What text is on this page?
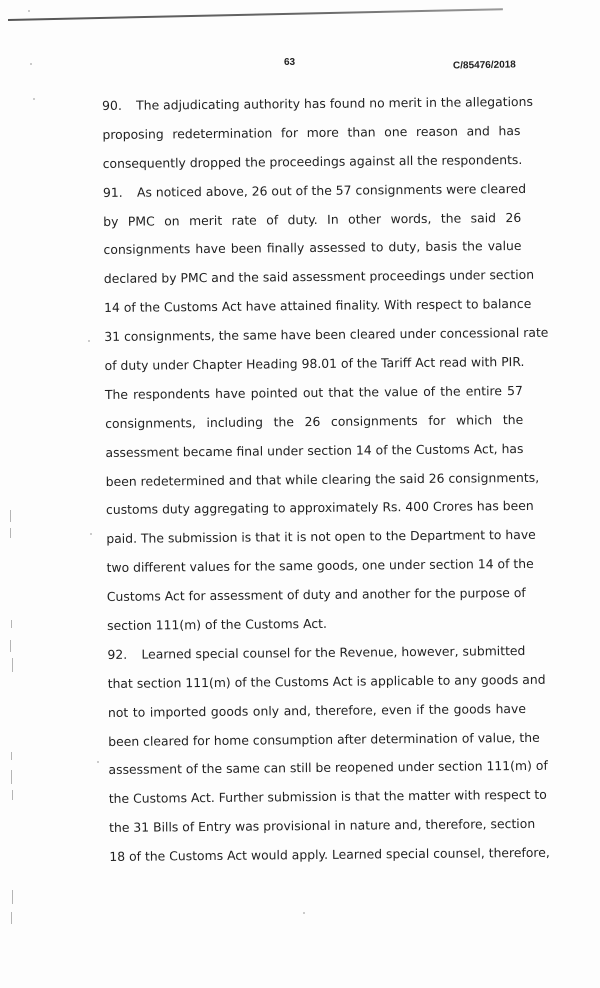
63	C/85476/2018
90. The adjudicating authority has found no merit in the allegations
proposing redetermination for more than one reason and has
consequently dropped the proceedings against all the respondents.
91. As noticed above, 26 out of the 57 consignments were cleared
by PMC on merit rate of duty. In other words, the said 26
consignments have been finally assessed to duty, basis the value
declared by PMC and the said assessment proceedings under section
14 of the Customs Act have attained finality. With respect to balance
31 consignments, the same have been cleared under concessional rate
of duty under Chapter Heading 98.01 of the Tariff Act read with PIR.
The respondents have pointed out that the value of the entire 57
consignments, including the 26 consignments for which the
assessment became final under section 14 of the Customs Act, has
been redetermined and that while clearing the said 26 consignments,
customs duty aggregating to approximately Rs. 400 Crores has been
paid. The submission is that it is not open to the Department to have
two different values for the same goods, one under section 14 of the
Customs Act for assessment of duty and another for the purpose of
section 111(m) of the Customs Act.
92. Learned special counsel for the Revenue, however, submitted
that section 111(m) of the Customs Act is applicable to any goods and
not to imported goods only and, therefore, even if the goods have
been cleared for home consumption after determination of value, the
assessment of the same can still be reopened under section 111(m) of
the Customs Act. Further submission is that the matter with respect to
the 31 Bills of Entry was provisional in nature and, therefore, section
18 of the Customs Act would apply. Learned special counsel, therefore,
